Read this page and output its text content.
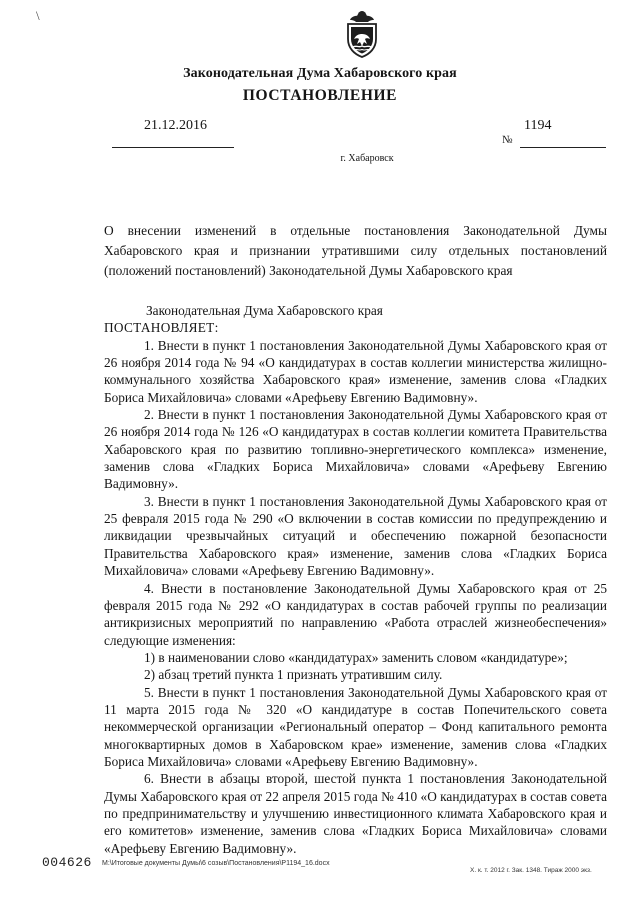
\
Законодательная Дума Хабаровского края
ПОСТАНОВЛЕНИЕ
21.12.2016	1194
№
г. Хабаровск

О внесении изменений в отдельные постановления Законодательной Думы

Хабаровского края и признании утратившими силу отдельных постановлений

(положений постановлений) Законодательной Думы Хабаровского края

Законодательная Дума Хабаровского края

ПОСТАНОВЛЯЕТ:

1. Внести в пункт 1 постановления Законодательной Думы Хабаровского края от 26 ноября 2014 года № 94 «О кандидатурах в состав коллегии министерства жилищно-коммунального хозяйства Хабаровского края» изменение, заменив слова «Гладких Бориса Михайловича» словами «Арефьеву Евгению Вадимовну».

2. Внести в пункт 1 постановления Законодательной Думы Хабаровского края от 26 ноября 2014 года № 126 «О кандидатурах в состав коллегии комитета Правительства Хабаровского края по развитию топливно-энергетического комплекса» изменение, заменив слова «Гладких Бориса Михайловича» словами «Арефьеву Евгению Вадимовну».

3. Внести в пункт 1 постановления Законодательной Думы Хабаровского края от 25 февраля 2015 года № 290 «О включении в состав комиссии по предупреждению и ликвидации чрезвычайных ситуаций и обеспечению пожарной безопасности Правительства Хабаровского края» изменение, заменив слова «Гладких Бориса Михайловича» словами «Арефьеву Евгению Вадимовну».

4. Внести в постановление Законодательной Думы Хабаровского края от 25 февраля 2015 года № 292 «О кандидатурах в состав рабочей группы по реализации антикризисных мероприятий по направлению «Работа отраслей жизнеобеспечения» следующие изменения:

1) в наименовании слово «кандидатурах» заменить словом «кандидатуре»;

2) абзац третий пункта 1 признать утратившим силу.

5. Внести в пункт 1 постановления Законодательной Думы Хабаровского края от 11 марта 2015 года № 320 «О кандидатуре в состав Попечительского совета некоммерческой организации «Региональный оператор – Фонд капитального ремонта многоквартирных домов в Хабаровском крае» изменение, заменив слова «Гладких Бориса Михайловича» словами «Арефьеву Евгению Вадимовну».

6. Внести в абзацы второй, шестой пункта 1 постановления Законодательной Думы Хабаровского края от 22 апреля 2015 года № 410 «О кандидатурах в состав совета по предпринимательству и улучшению инвестиционного климата Хабаровского края и его комитетов» изменение, заменив слова «Гладких Бориса Михайловича» словами «Арефьеву Евгению Вадимовну».

004626 M:\Итоговые документы Думы\6 созыв\Постановления\P1194_16.docx
Х. к. т. 2012 г. Зак. 1348. Тираж 2000 экз.
